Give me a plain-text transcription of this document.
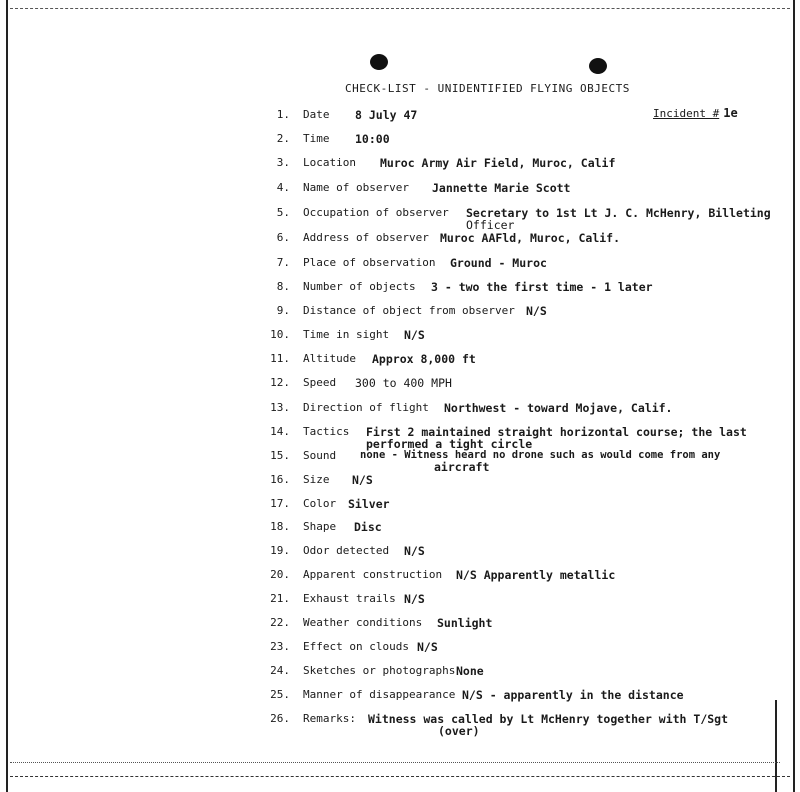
CHECK-LIST - UNIDENTIFIED FLYING OBJECTS
Incident # 1e
1. Date 8 July 47
2. Time 10:00
3. Location Muroc Army Air Field, Muroc, Calif
4. Name of observer Jannette Marie Scott
5. Occupation of observer Secretary to 1st Lt J. C. McHenry, Billeting
Officer
6. Address of observer Muroc AAFld, Muroc, Calif.
7. Place of observation Ground - Muroc
8. Number of objects 3 - two the first time - 1 later
9. Distance of object from observer N/S
10. Time in sight N/S
11. Altitude Approx 8,000 ft
12. Speed 300 to 400 MPH
13. Direction of flight Northwest - toward Mojave, Calif.
14. Tactics First 2 maintained straight horizontal course; the last
performed a tight circle
15. Sound none - Witness heard no drone such as would come from any
aircraft
16. Size N/S
17. Color Silver
18. Shape Disc
19. Odor detected N/S
20. Apparent construction N/S Apparently metallic
21. Exhaust trails N/S
22. Weather conditions Sunlight
23. Effect on clouds N/S
24. Sketches or photographs None
25. Manner of disappearance N/S - apparently in the distance
26. Remarks: Witness was called by Lt McHenry together with T/Sgt
(over)
